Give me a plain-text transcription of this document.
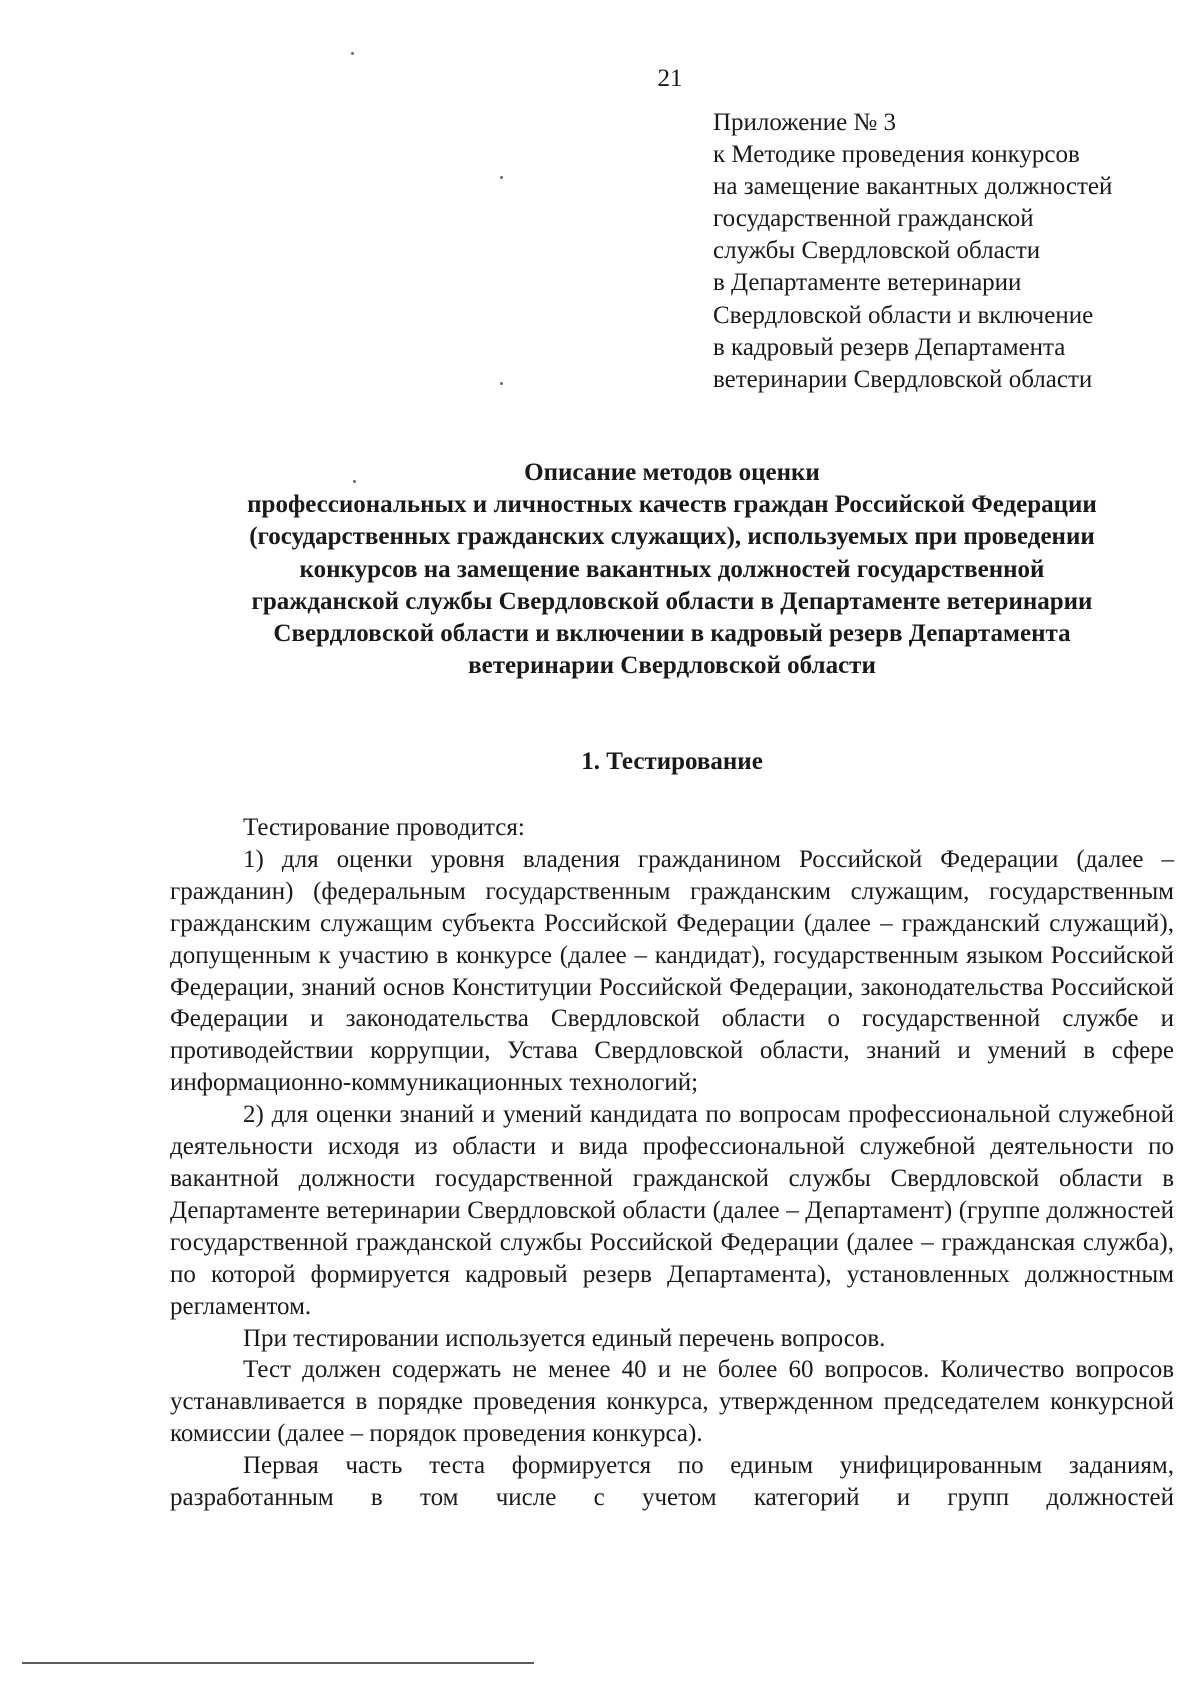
21
Приложение № 3
к Методике проведения конкурсов
на замещение вакантных должностей
государственной гражданской
службы Свердловской области
в Департаменте ветеринарии
Свердловской области и включение
в кадровый резерв Департамента
ветеринарии Свердловской области
Описание методов оценки
профессиональных и личностных качеств граждан Российской Федерации
(государственных гражданских служащих), используемых при проведении
конкурсов на замещение вакантных должностей государственной
гражданской службы Свердловской области в Департаменте ветеринарии
Свердловской области и включении в кадровый резерв Департамента
ветеринарии Свердловской области
1. Тестирование

Тестирование проводится:

1) для оценки уровня владения гражданином Российской Федерации (далее – гражданин) (федеральным государственным гражданским служащим, государственным гражданским служащим субъекта Российской Федерации (далее – гражданский служащий), допущенным к участию в конкурсе (далее – кандидат), государственным языком Российской Федерации, знаний основ Конституции Российской Федерации, законодательства Российской Федерации и законодательства Свердловской области о государственной службе и противодействии коррупции, Устава Свердловской области, знаний и умений в сфере информационно-коммуникационных технологий;

2) для оценки знаний и умений кандидата по вопросам профессиональной служебной деятельности исходя из области и вида профессиональной служебной деятельности по вакантной должности государственной гражданской службы Свердловской области в Департаменте ветеринарии Свердловской области (далее – Департамент) (группе должностей государственной гражданской службы Российской Федерации (далее – гражданская служба), по которой формируется кадровый резерв Департамента), установленных должностным регламентом.

При тестировании используется единый перечень вопросов.

Тест должен содержать не менее 40 и не более 60 вопросов. Количество вопросов устанавливается в порядке проведения конкурса, утвержденном председателем конкурсной комиссии (далее – порядок проведения конкурса).

Первая часть теста формируется по единым унифицированным заданиям, разработанным в том числе с учетом категорий и групп должностей
